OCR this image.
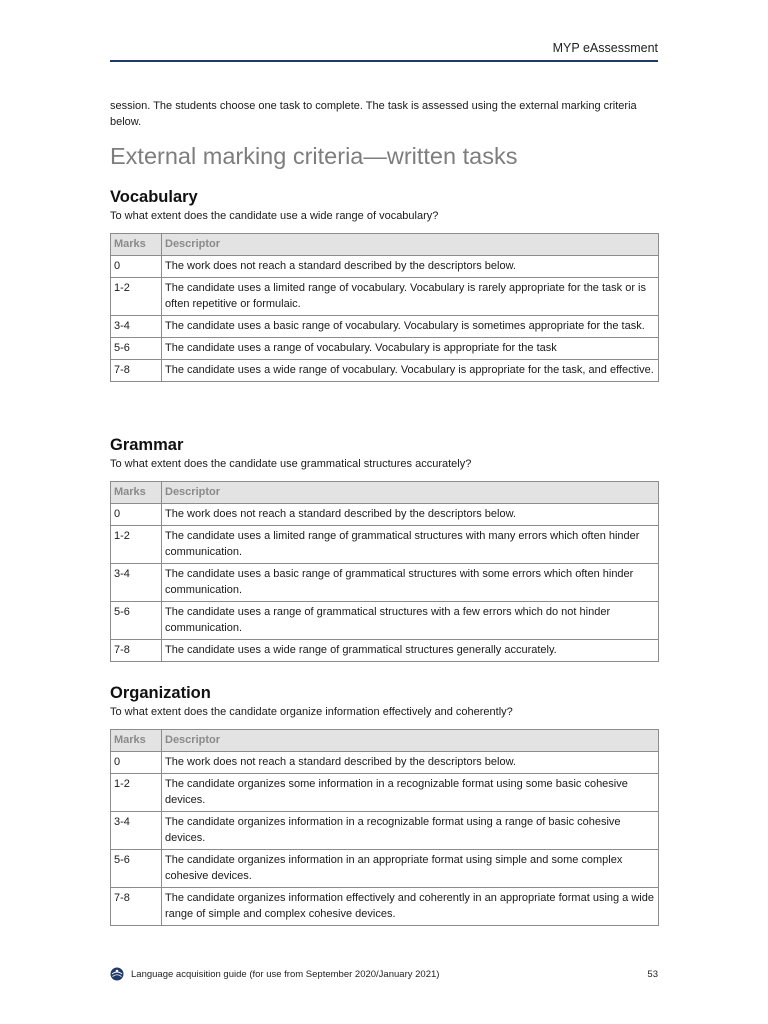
MYP eAssessment

session. The students choose one task to complete. The task is assessed using the external marking criteria below.

External marking criteria—written tasks
Vocabulary

To what extent does the candidate use a wide range of vocabulary?

Marks	Descriptor
0	The work does not reach a standard described by the descriptors below.
1-2	The candidate uses a limited range of vocabulary. Vocabulary is rarely appropriate for the task or is often repetitive or formulaic.
3-4	The candidate uses a basic range of vocabulary. Vocabulary is sometimes appropriate for the task.
5-6	The candidate uses a range of vocabulary. Vocabulary is appropriate for the task
7-8	The candidate uses a wide range of vocabulary. Vocabulary is appropriate for the task, and effective.
Grammar

To what extent does the candidate use grammatical structures accurately?

Marks	Descriptor
0	The work does not reach a standard described by the descriptors below.
1-2	The candidate uses a limited range of grammatical structures with many errors which often hinder communication.
3-4	The candidate uses a basic range of grammatical structures with some errors which often hinder communication.
5-6	The candidate uses a range of grammatical structures with a few errors which do not hinder communication.
7-8	The candidate uses a wide range of grammatical structures generally accurately.
Organization

To what extent does the candidate organize information effectively and coherently?

Marks	Descriptor
0	The work does not reach a standard described by the descriptors below.
1-2	The candidate organizes some information in a recognizable format using some basic cohesive devices.
3-4	The candidate organizes information in a recognizable format using a range of basic cohesive devices.
5-6	The candidate organizes information in an appropriate format using simple and some complex cohesive devices.
7-8	The candidate organizes information effectively and coherently in an appropriate format using a wide range of simple and complex cohesive devices.
Language acquisition guide (for use from September 2020/January 2021)	53
